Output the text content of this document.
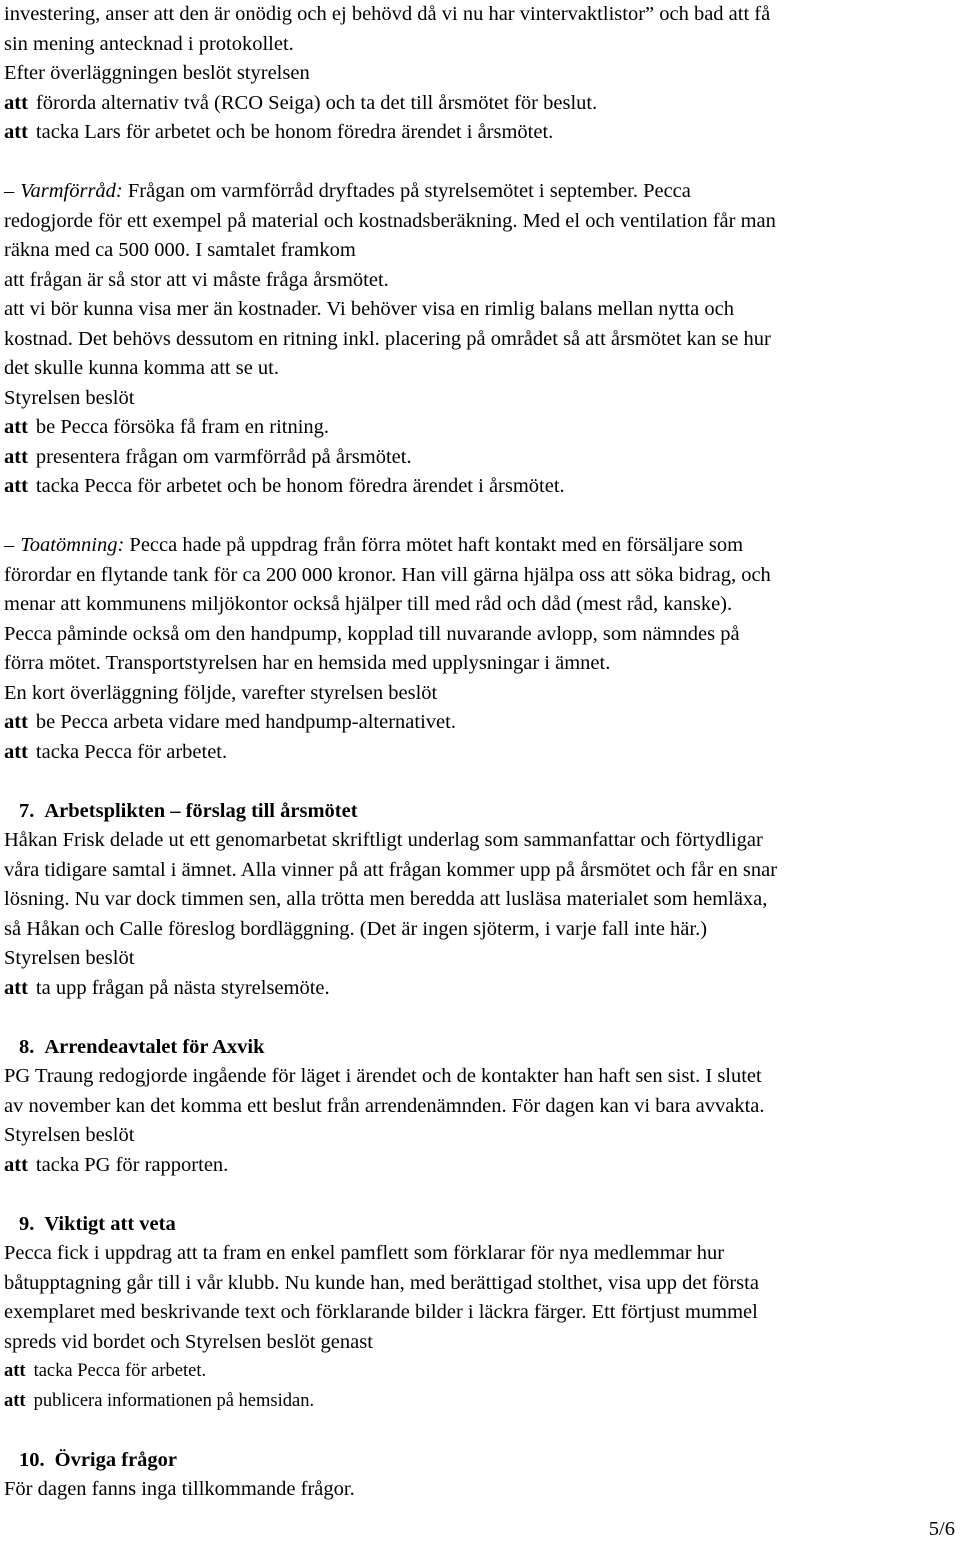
investering, anser att den är onödig och ej behövd då vi nu har vintervaktlistor” och bad att få
sin mening antecknad i protokollet.
Efter överläggningen beslöt styrelsen
att förorda alternativ två (RCO Seiga) och ta det till årsmötet för beslut.
att tacka Lars för arbetet och be honom föredra ärendet i årsmötet.
– Varmförråd: Frågan om varmförråd dryftades på styrelsemötet i september. Pecca
redogjorde för ett exempel på material och kostnadsberäkning. Med el och ventilation får man
räkna med ca 500 000. I samtalet framkom
att frågan är så stor att vi måste fråga årsmötet.
att vi bör kunna visa mer än kostnader. Vi behöver visa en rimlig balans mellan nytta och
kostnad. Det behövs dessutom en ritning inkl. placering på området så att årsmötet kan se hur
det skulle kunna komma att se ut.
Styrelsen beslöt
att be Pecca försöka få fram en ritning.
att presentera frågan om varmförråd på årsmötet.
att tacka Pecca för arbetet och be honom föredra ärendet i årsmötet.
– Toatömning: Pecca hade på uppdrag från förra mötet haft kontakt med en försäljare som
förordar en flytande tank för ca 200 000 kronor. Han vill gärna hjälpa oss att söka bidrag, och
menar att kommunens miljökontor också hjälper till med råd och dåd (mest råd, kanske).
Pecca påminde också om den handpump, kopplad till nuvarande avlopp, som nämndes på
förra mötet. Transportstyrelsen har en hemsida med upplysningar i ämnet.
En kort överläggning följde, varefter styrelsen beslöt
att be Pecca arbeta vidare med handpump-alternativet.
att tacka Pecca för arbetet.
7. Arbetsplikten – förslag till årsmötet
Håkan Frisk delade ut ett genomarbetat skriftligt underlag som sammanfattar och förtydligar
våra tidigare samtal i ämnet. Alla vinner på att frågan kommer upp på årsmötet och får en snar
lösning. Nu var dock timmen sen, alla trötta men beredda att lusläsa materialet som hemläxa,
så Håkan och Calle föreslog bordläggning. (Det är ingen sjöterm, i varje fall inte här.)
Styrelsen beslöt
att ta upp frågan på nästa styrelsemöte.
8. Arrendeavtalet för Axvik
PG Traung redogjorde ingående för läget i ärendet och de kontakter han haft sen sist. I slutet
av november kan det komma ett beslut från arrendenämnden. För dagen kan vi bara avvakta.
Styrelsen beslöt
att tacka PG för rapporten.
9. Viktigt att veta
Pecca fick i uppdrag att ta fram en enkel pamflett som förklarar för nya medlemmar hur
båtupptagning går till i vår klubb. Nu kunde han, med berättigad stolthet, visa upp det första
exemplaret med beskrivande text och förklarande bilder i läckra färger. Ett förtjust mummel
spreds vid bordet och Styrelsen beslöt genast
att tacka Pecca för arbetet.
att publicera informationen på hemsidan.
10. Övriga frågor
För dagen fanns inga tillkommande frågor.
5/6
